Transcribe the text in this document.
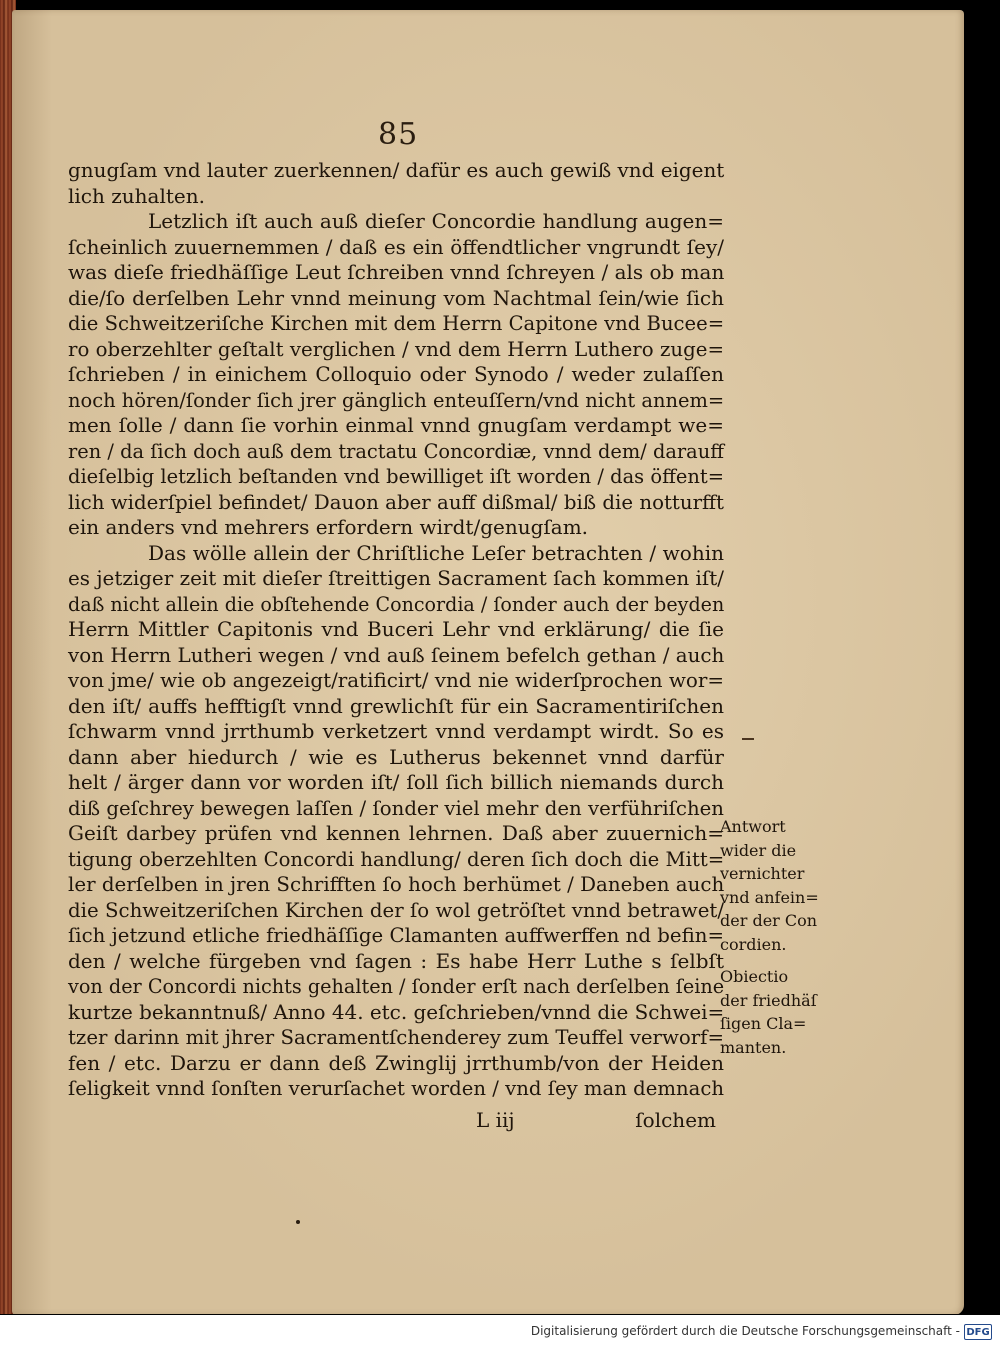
85
gnugſam vnd lauter zuerkennen/ dafür es auch gewiß vnd eigent
lich zuhalten.
Letzlich iſt auch auß dieſer Concordie handlung augen=
ſcheinlich zuuernemmen / daß es ein öffendtlicher vngrundt ſey/
was dieſe friedhäſſige Leut ſchreiben vnnd ſchreyen / als ob man
die/ſo derſelben Lehr vnnd meinung vom Nachtmal ſein/wie ſich
die Schweitzeriſche Kirchen mit dem Herrn Capitone vnd Bucee=
ro oberzehlter geſtalt verglichen / vnd dem Herrn Luthero zuge=
ſchrieben / in einichem Colloquio oder Synodo / weder zulaſſen
noch hören/ſonder ſich jrer gänglich enteuſſern/vnd nicht annem=
men ſolle / dann ſie vorhin einmal vnnd gnugſam verdampt we=
ren / da ſich doch auß dem tractatu Concordiæ, vnnd dem/ darauff
dieſelbig letzlich beſtanden vnd bewilliget iſt worden / das öffent=
lich widerſpiel befindet/ Dauon aber auff dißmal/ biß die notturfft
ein anders vnd mehrers erfordern wirdt/genugſam.
Das wölle allein der Chriſtliche Leſer betrachten / wohin
es jetziger zeit mit dieſer ſtreittigen Sacrament ſach kommen iſt/
daß nicht allein die obſtehende Concordia / ſonder auch der beyden
Herrn Mittler Capitonis vnd Buceri Lehr vnd erklärung/ die ſie
von Herrn Lutheri wegen / vnd auß ſeinem befelch gethan / auch
von jme/ wie ob angezeigt/ratificirt/ vnd nie widerſprochen wor=
den iſt/ auffs hefftigſt vnnd grewlichſt für ein Sacramentiriſchen
ſchwarm vnnd jrrthumb verketzert vnnd verdampt wirdt. So es
dann aber hiedurch / wie es Lutherus bekennet vnnd darfür
helt / ärger dann vor worden iſt/ ſoll ſich billich niemands durch
diß geſchrey bewegen laſſen / ſonder viel mehr den verführiſchen
Geiſt darbey prüfen vnd kennen lehrnen. Daß aber zuuernich=
tigung oberzehlten Concordi handlung/ deren ſich doch die Mitt=
ler derſelben in jren Schrifften ſo hoch berhümet / Daneben auch
die Schweitzeriſchen Kirchen der ſo wol getröſtet vnnd betrawet/
ſich jetzund etliche friedhäſſige Clamanten auffwerffen nd befin=
den / welche fürgeben vnd ſagen : Es habe Herr Luthe s ſelbſt
von der Concordi nichts gehalten / ſonder erſt nach derſelben ſeine
kurtze bekanntnuß/ Anno 44. etc. geſchrieben/vnnd die Schwei=
tzer darinn mit jhrer Sacramentſchenderey zum Teuffel verworf=
fen / etc. Darzu er dann deß Zwinglij jrrthumb/von der Heiden
ſeligkeit vnnd ſonſten verurſachet worden / vnd ſey man demnach
Antwort
wider die
vernichter
vnd anfein=
der der Con
cordien.
Obiectio
der friedhäſ
ſigen Cla=
manten.
L iij	ſolchem
Digitalisierung gefördert durch die Deutsche Forschungsgemeinschaft - DFG
